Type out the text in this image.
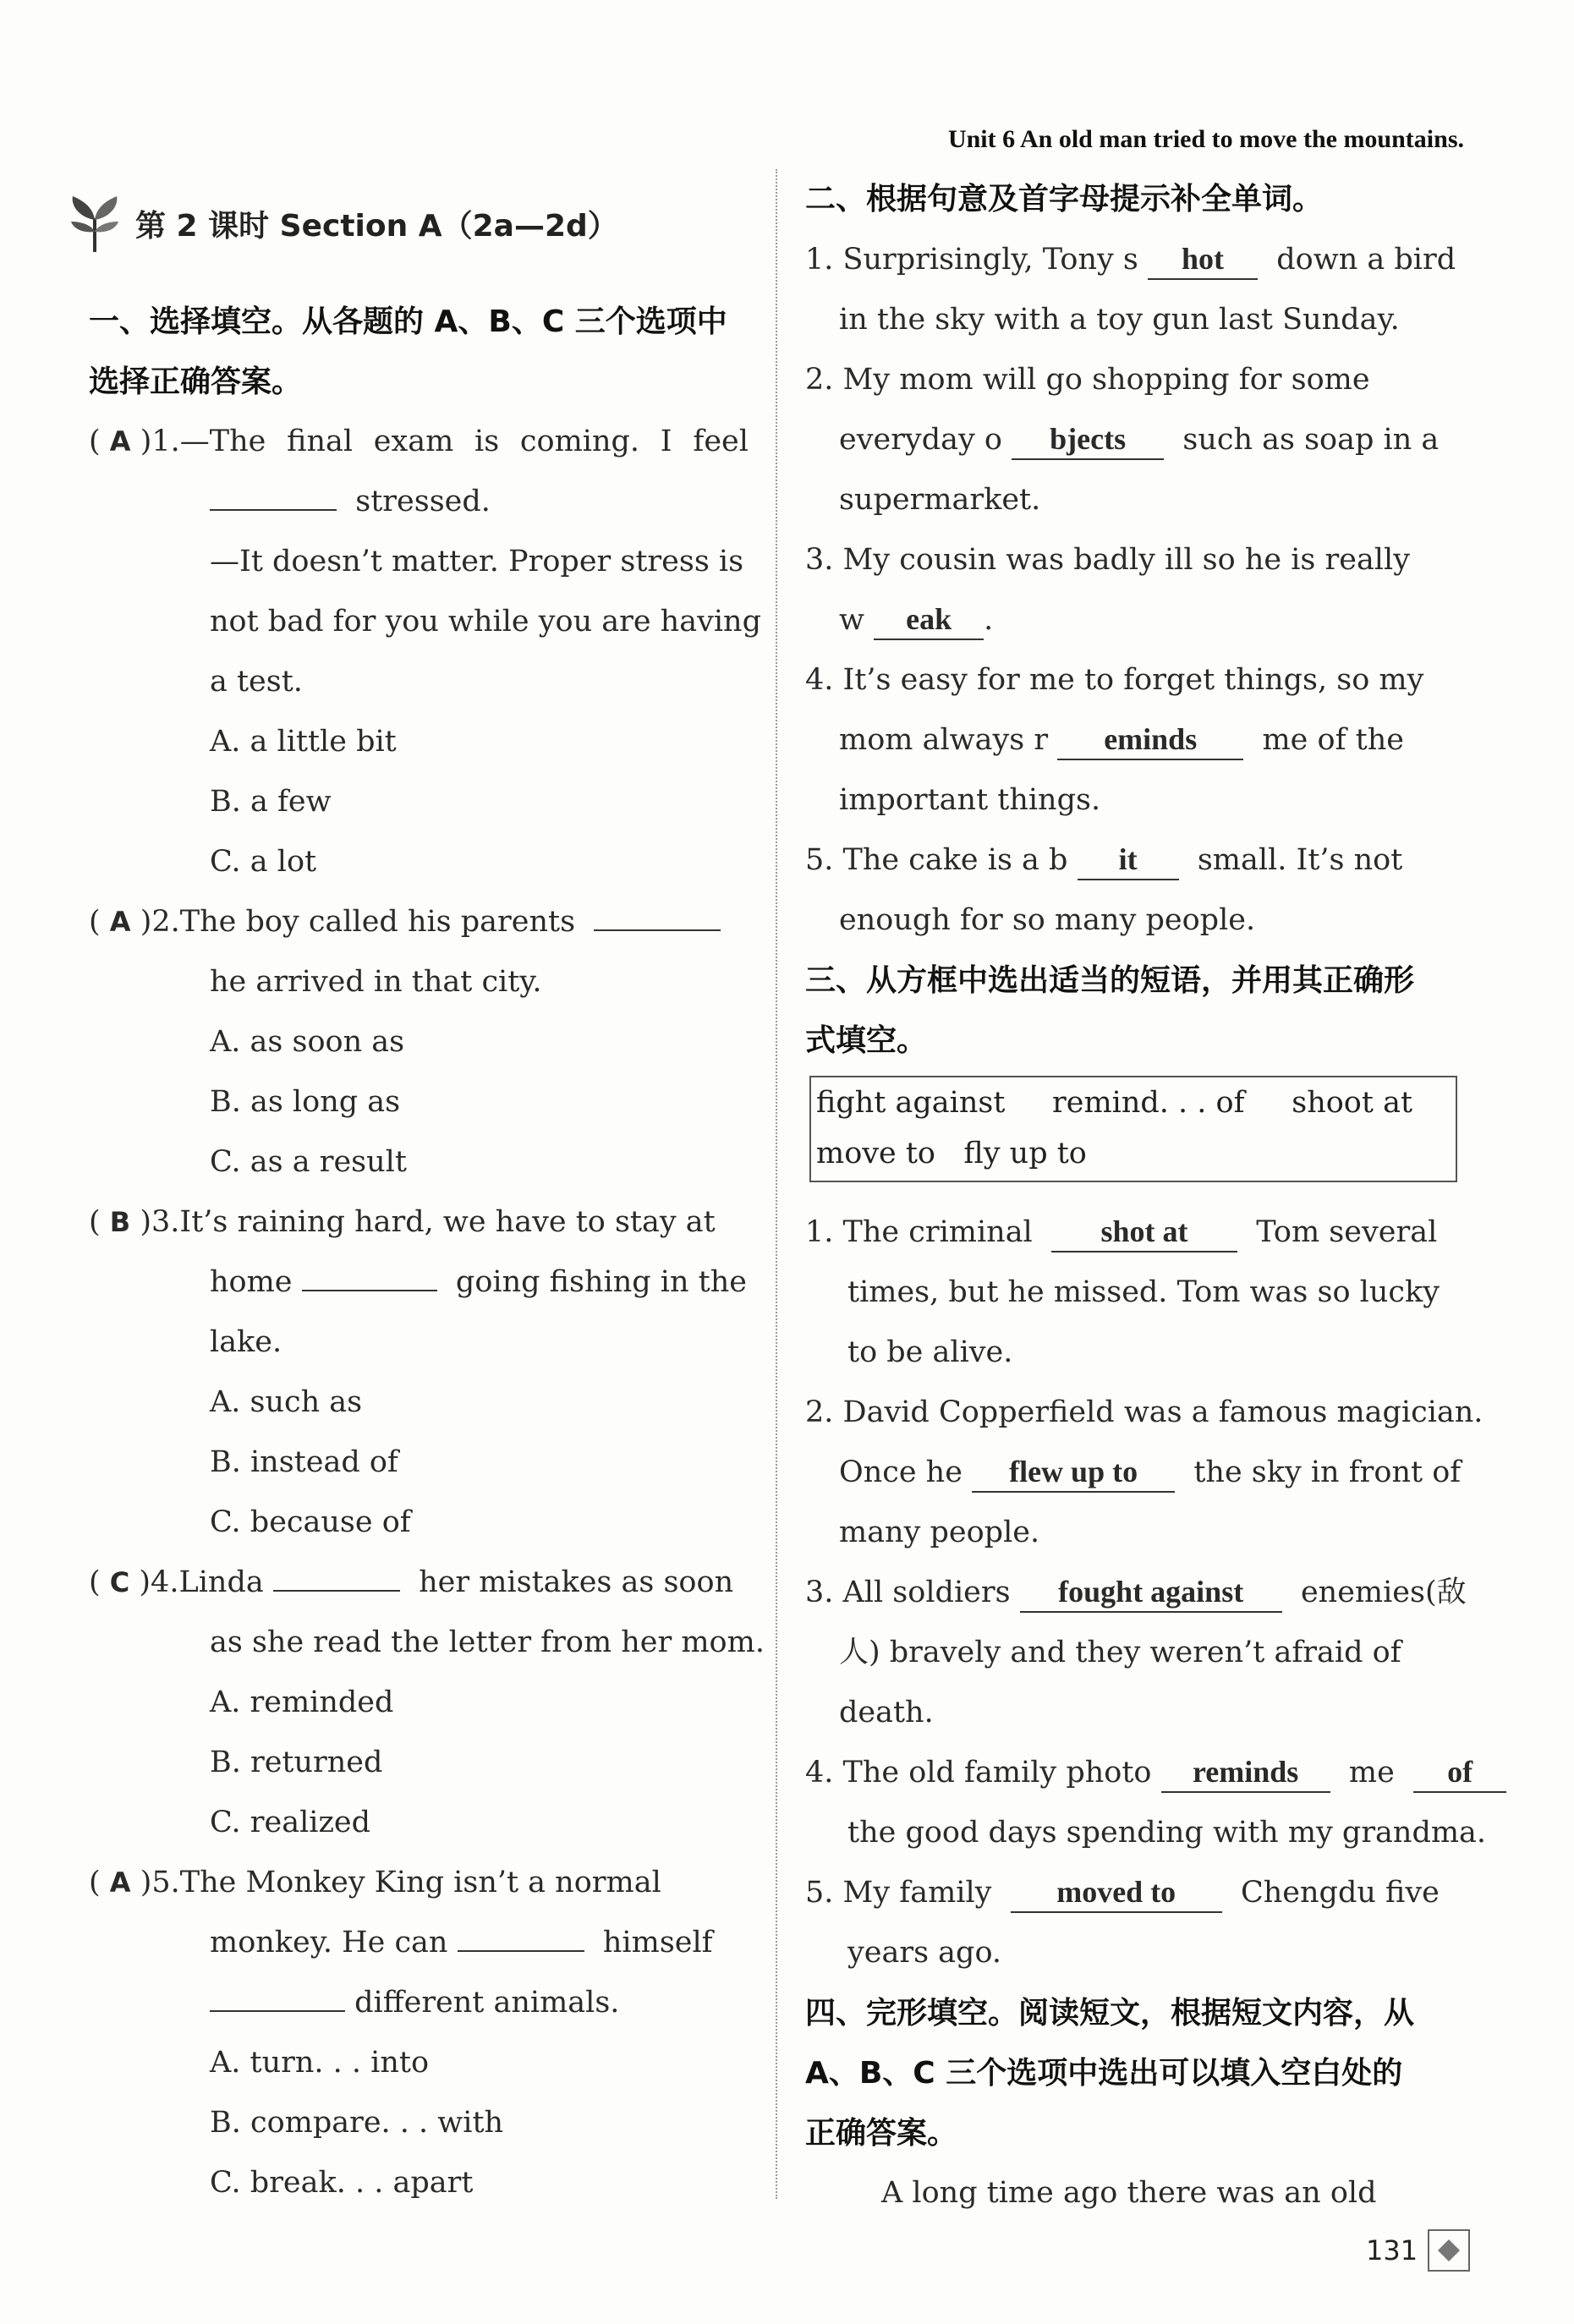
Unit 6 An old man tried to move the mountains.
第 2 课时 Section A（2a—2d）
一、选择填空。从各题的 A、B、C 三个选项中
选择正确答案。
( A )1.—The final exam is coming. I feel
stressed.
—It doesn’t matter. Proper stress is
not bad for you while you are having
a test.
A. a little bit
B. a few
C. a lot
( A )2.The boy called his parents
he arrived in that city.
A. as soon as
B. as long as
C. as a result
( B )3.It’s raining hard, we have to stay at
home	going fishing in the
lake.
A. such as
B. instead of
C. because of
( C )4.Linda	her mistakes as soon
as she read the letter from her mom.
A. reminded
B. returned
C. realized
( A )5.The Monkey King isn’t a normal
monkey. He can	himself
different animals.
A. turn. . . into
B. compare. . . with
C. break. . . apart
二、根据句意及首字母提示补全单词。
1. Surprisingly, Tony s hot down a bird
in the sky with a toy gun last Sunday.
2. My mom will go shopping for some
everyday o bjects such as soap in a
supermarket.
3. My cousin was badly ill so he is really
w eak .
4. It’s easy for me to forget things, so my
mom always r eminds me of the
important things.
5. The cake is a b it small. It’s not
enough for so many people.
三、从方框中选出适当的短语，并用其正确形
式填空。
fight against remind. . . of shoot at
move to fly up to
1. The criminal shot at Tom several
times, but he missed. Tom was so lucky
to be alive.
2. David Copperfield was a famous magician.
Once he flew up to the sky in front of
many people.
3. All soldiers fought against enemies(敌
人) bravely and they weren’t afraid of
death.
4. The old family photo reminds me of
the good days spending with my grandma.
5. My family moved to Chengdu five
years ago.
四、完形填空。阅读短文，根据短文内容，从
A、B、C 三个选项中选出可以填入空白处的
正确答案。
A long time ago there was an old
131
